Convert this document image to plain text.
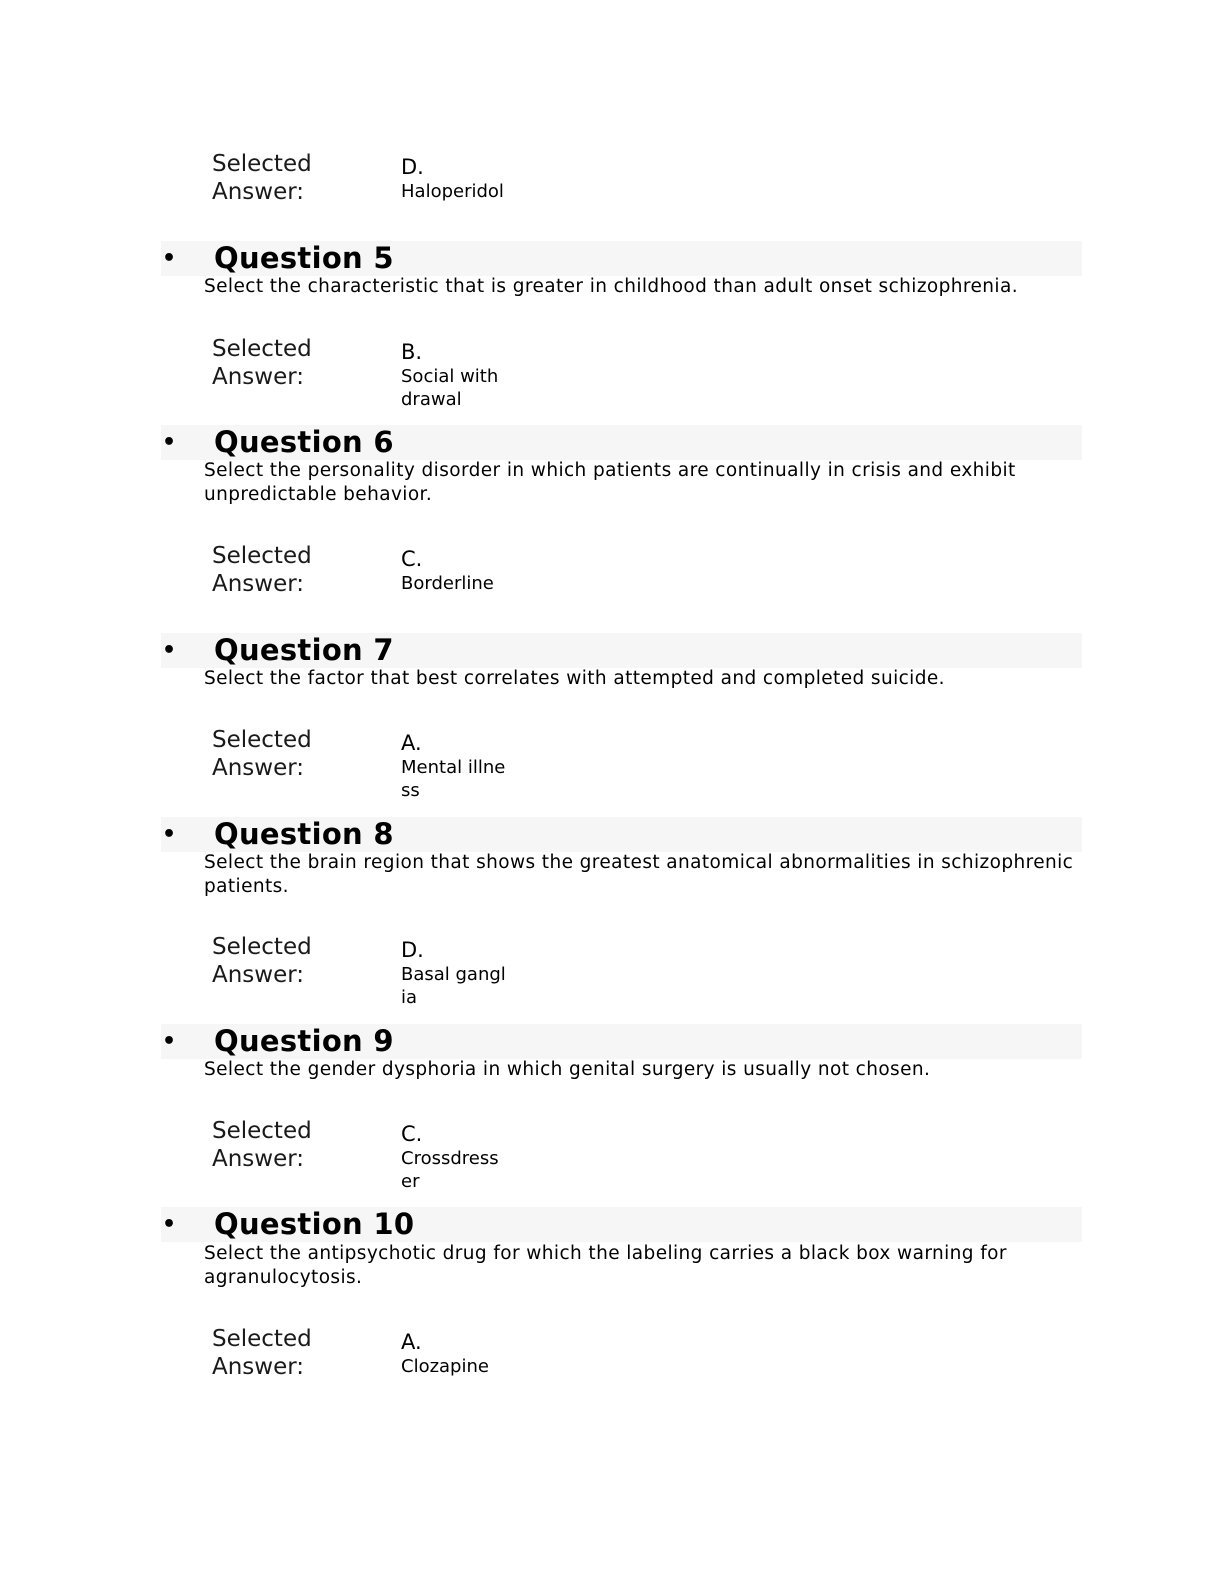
Selected
Answer:
D.
Haloperidol
• Question 5
Select the characteristic that is greater in childhood than adult onset schizophrenia.
Selected
Answer:
B.
Social withdrawal
• Question 6
Select the personality disorder in which patients are continually in crisis and exhibit unpredictable behavior.
Selected
Answer:
C.
Borderline
• Question 7
Select the factor that best correlates with attempted and completed suicide.
Selected
Answer:
A.
Mental illness
• Question 8
Select the brain region that shows the greatest anatomical abnormalities in schizophrenic patients.
Selected
Answer:
D.
Basal ganglia
• Question 9
Select the gender dysphoria in which genital surgery is usually not chosen.
Selected
Answer:
C.
Crossdresser
• Question 10
Select the antipsychotic drug for which the labeling carries a black box warning for agranulocytosis.
Selected
Answer:
A.
Clozapine
